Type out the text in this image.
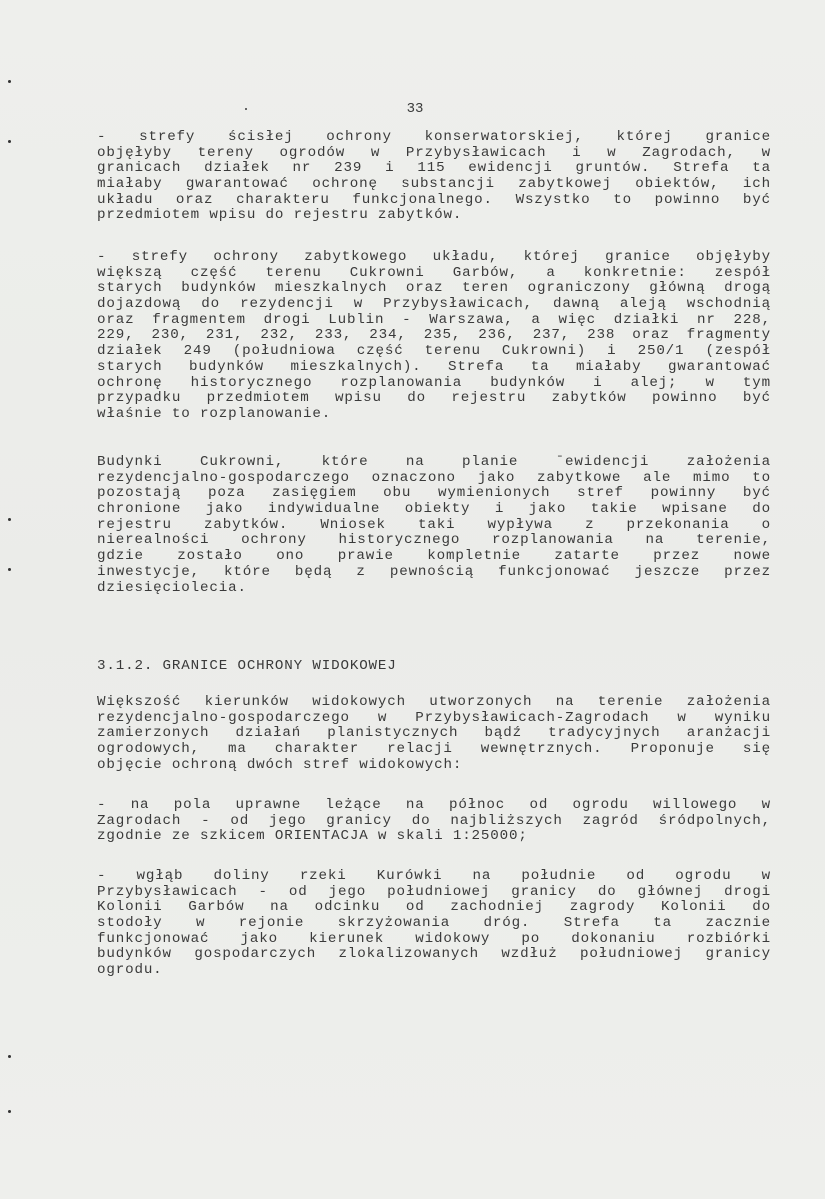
33
- strefy ścisłej ochrony konserwatorskiej, której granice
objęłyby tereny ogrodów w Przybysławicach i w Zagrodach, w
granicach działek nr 239 i 115 ewidencji gruntów. Strefa ta
miałaby gwarantować ochronę substancji zabytkowej obiektów, ich
układu oraz charakteru funkcjonalnego. Wszystko to powinno być
przedmiotem wpisu do rejestru zabytków.
- strefy ochrony zabytkowego układu, której granice objęłyby
większą część terenu Cukrowni Garbów, a konkretnie: zespół
starych budynków mieszkalnych oraz teren ograniczony główną drogą
dojazdową do rezydencji w Przybysławicach, dawną aleją wschodnią
oraz fragmentem drogi Lublin - Warszawa, a więc działki nr 228,
229, 230, 231, 232, 233, 234, 235, 236, 237, 238 oraz fragmenty
działek 249 (południowa część terenu Cukrowni) i 250/1 (zespół
starych budynków mieszkalnych). Strefa ta miałaby gwarantować
ochronę historycznego rozplanowania budynków i alej; w tym
przypadku przedmiotem wpisu do rejestru zabytków powinno być
właśnie to rozplanowanie.
Budynki Cukrowni, które na planie ˉewidencji założenia
rezydencjalno-gospodarczego oznaczono jako zabytkowe ale mimo to
pozostają poza zasięgiem obu wymienionych stref powinny być
chronione jako indywidualne obiekty i jako takie wpisane do
rejestru zabytków. Wniosek taki wypływa z przekonania o
nierealności ochrony historycznego rozplanowania na terenie,
gdzie zostało ono prawie kompletnie zatarte przez nowe
inwestycje, które będą z pewnością funkcjonować jeszcze przez
dziesięciolecia.
3.1.2. GRANICE OCHRONY WIDOKOWEJ
Większość kierunków widokowych utworzonych na terenie założenia
rezydencjalno-gospodarczego w Przybysławicach-Zagrodach w wyniku
zamierzonych działań planistycznych bądź tradycyjnych aranżacji
ogrodowych, ma charakter relacji wewnętrznych. Proponuje się
objęcie ochroną dwóch stref widokowych:
- na pola uprawne leżące na północ od ogrodu willowego w
Zagrodach - od jego granicy do najbliższych zagród śródpolnych,
zgodnie ze szkicem ORIENTACJA w skali 1:25000;
- wgłąb doliny rzeki Kurówki na południe od ogrodu w
Przybysławicach - od jego południowej granicy do głównej drogi
Kolonii Garbów na odcinku od zachodniej zagrody Kolonii do
stodoły w rejonie skrzyżowania dróg. Strefa ta zacznie
funkcjonować jako kierunek widokowy po dokonaniu rozbiórki
budynków gospodarczych zlokalizowanych wzdłuż południowej granicy
ogrodu.
